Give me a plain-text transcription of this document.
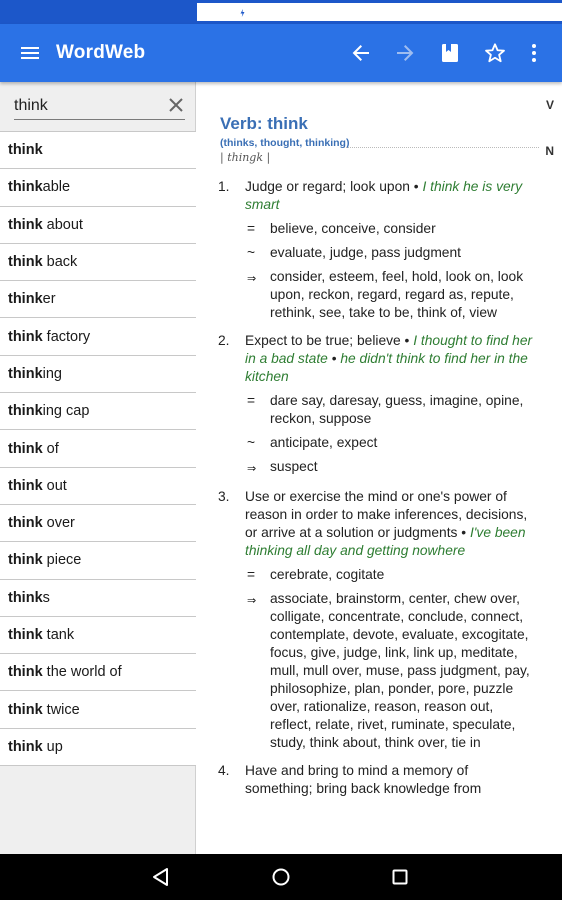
5:42
WordWeb
think
think
think able
think about
think back
think er
think factory
think ing
think ing cap
think of
think out
think over
think piece
think s
think tank
think the world of
think twice
think up
V
N
Verb: think
(thinks, thought, thinking)
| thingk |
1.	Judge or regard; look upon • I think he is very smart
=	believe, conceive, consider
~	evaluate, judge, pass judgment
⇒ consider, esteem, feel, hold, look on, look upon, reckon, regard, regard as, repute, rethink, see, take to be, think of, view
2.	Expect to be true; believe • I thought to find her in a bad state • he didn't think to find her in the kitchen
=	dare say, daresay, guess, imagine, opine, reckon, suppose
~	anticipate, expect
⇒ suspect
3.	Use or exercise the mind or one's power of reason in order to make inferences, decisions, or arrive at a solution or judgments • I've been thinking all day and getting nowhere
=	cerebrate, cogitate
⇒ associate, brainstorm, center, chew over, colligate, concentrate, conclude, connect, contemplate, devote, evaluate, excogitate, focus, give, judge, link, link up, meditate, mull, mull over, muse, pass judgment, pay, philosophize, plan, ponder, pore, puzzle over, rationalize, reason, reason out, reflect, relate, rivet, ruminate, speculate, study, think about, think over, tie in
4.	Have and bring to mind a memory of something; bring back knowledge from
